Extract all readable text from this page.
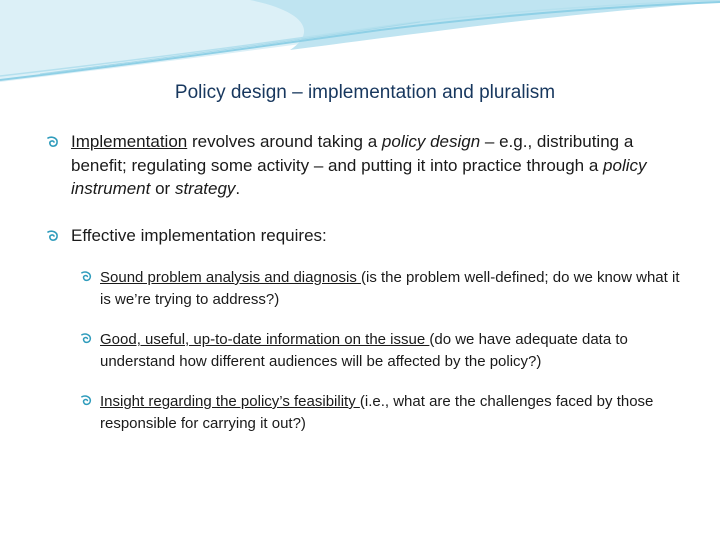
Policy design – implementation and pluralism
Implementation revolves around taking a policy design – e.g., distributing a benefit; regulating some activity – and putting it into practice through a policy instrument or strategy.
Effective implementation requires:
Sound problem analysis and diagnosis (is the problem well-defined; do we know what it is we’re trying to address?)
Good, useful, up-to-date information on the issue (do we have adequate data to understand how different audiences will be affected by the policy?)
Insight regarding the policy’s feasibility (i.e., what are the challenges faced by those responsible for carrying it out?)
